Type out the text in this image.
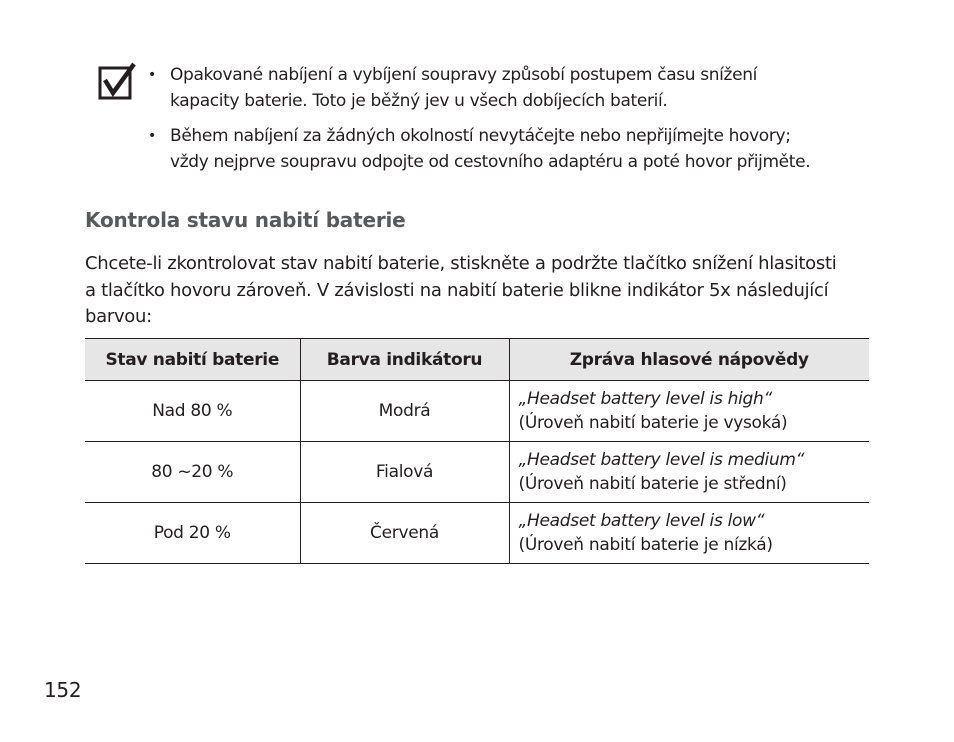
• Opakované nabíjení a vybíjení soupravy způsobí postupem času snížení
kapacity baterie. Toto je běžný jev u všech dobíjecích baterií.
• Během nabíjení za žádných okolností nevytáčejte nebo nepřijímejte hovory;
vždy nejprve soupravu odpojte od cestovního adaptéru a poté hovor přijměte.
Kontrola stavu nabití baterie

Chcete-li zkontrolovat stav nabití baterie, stiskněte a podržte tlačítko snížení hlasitosti
a tlačítko hovoru zároveň. V závislosti na nabití baterie blikne indikátor 5x následující
barvou:

Stav nabití baterie	Barva indikátoru	Zpráva hlasové nápovědy
Nad 80 %	Modrá	„Headset battery level is high“
(Úroveň nabití baterie je vysoká)

80 ~20 %	Fialová	„Headset battery level is medium“
(Úroveň nabití baterie je střední)

Pod 20 %	Červená	„Headset battery level is low“
(Úroveň nabití baterie je nízká)
152
